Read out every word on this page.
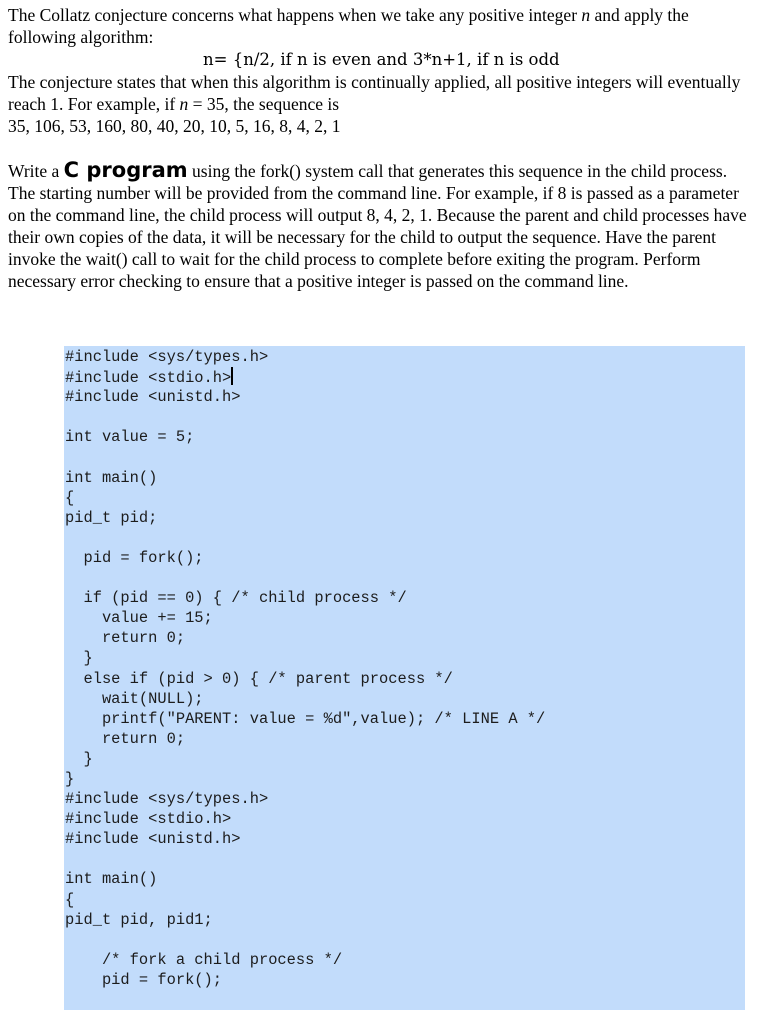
The Collatz conjecture concerns what happens when we take any positive integer n and apply the following algorithm:

n= {n/2, if n is even and 3*n+1, if n is odd

The conjecture states that when this algorithm is continually applied, all positive integers will eventually reach 1. For example, if n = 35, the sequence is

35, 106, 53, 160, 80, 40, 20, 10, 5, 16, 8, 4, 2, 1

Write a C program using the fork() system call that generates this sequence in the child process. The starting number will be provided from the command line. For example, if 8 is passed as a parameter on the command line, the child process will output 8, 4, 2, 1. Because the parent and child processes have their own copies of the data, it will be necessary for the child to output the sequence. Have the parent invoke the wait() call to wait for the child process to complete before exiting the program. Perform necessary error checking to ensure that a positive integer is passed on the command line.

#include <sys/types.h>
#include <stdio.h>
#include <unistd.h>
int value = 5;
int main()
{
pid_t pid;
pid = fork();
if (pid == 0) { /* child process */
value += 15;
return 0;
}
else if (pid > 0) { /* parent process */
wait(NULL);
printf("PARENT: value = %d",value); /* LINE A */
return 0;
}
}
#include <sys/types.h>
#include <stdio.h>
#include <unistd.h>
int main()
{
pid_t pid, pid1;
/* fork a child process */
pid = fork();
